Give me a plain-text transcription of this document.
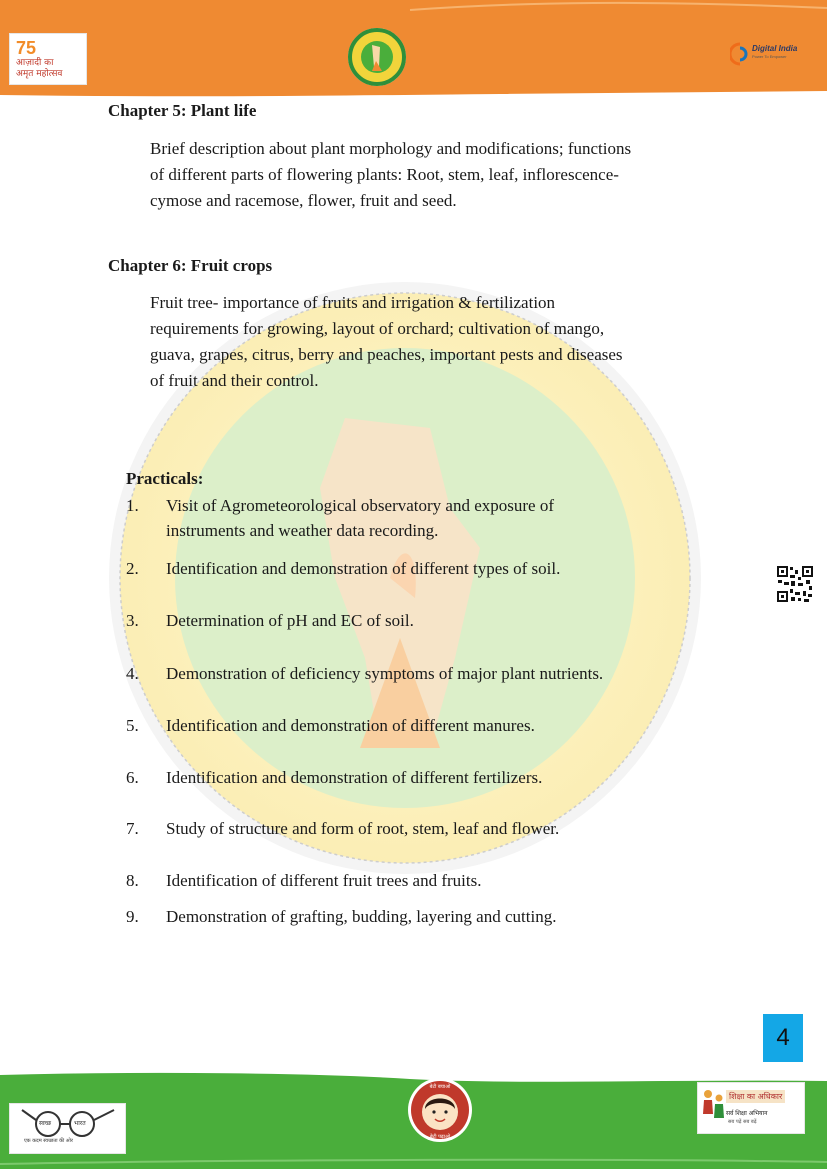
75
आज़ादी का
अमृत महोत्सव
Digital India
Power To Empower
Chapter 5: Plant life
Brief description about plant morphology and modifications; functions
of different parts of flowering plants: Root, stem, leaf, inflorescence-
cymose and racemose, flower, fruit and seed.
Chapter 6: Fruit crops
Fruit tree- importance of fruits and irrigation & fertilization
requirements for growing, layout of orchard; cultivation of mango,
guava, grapes, citrus, berry and peaches, important pests and diseases
of fruit and their control.
Practicals:
1. Visit of Agrometeorological observatory and exposure of instruments and weather data recording.
2. Identification and demonstration of different types of soil.
3. Determination of pH and EC of soil.
4. Demonstration of deficiency symptoms of major plant nutrients.
5. Identification and demonstration of different manures.
6. Identification and demonstration of different fertilizers.
7. Study of structure and form of root, stem, leaf and flower.
8. Identification of different fruit trees and fruits.
9. Demonstration of grafting, budding, layering and cutting.
4
स्वच्छ	भारत
एक कदम स्वच्छता की ओर
बेटी बचाओ
बेटी पढ़ाओ
शिक्षा का अधिकार
सर्व शिक्षा अभियान
सब पढ़ें सब बढ़ें
